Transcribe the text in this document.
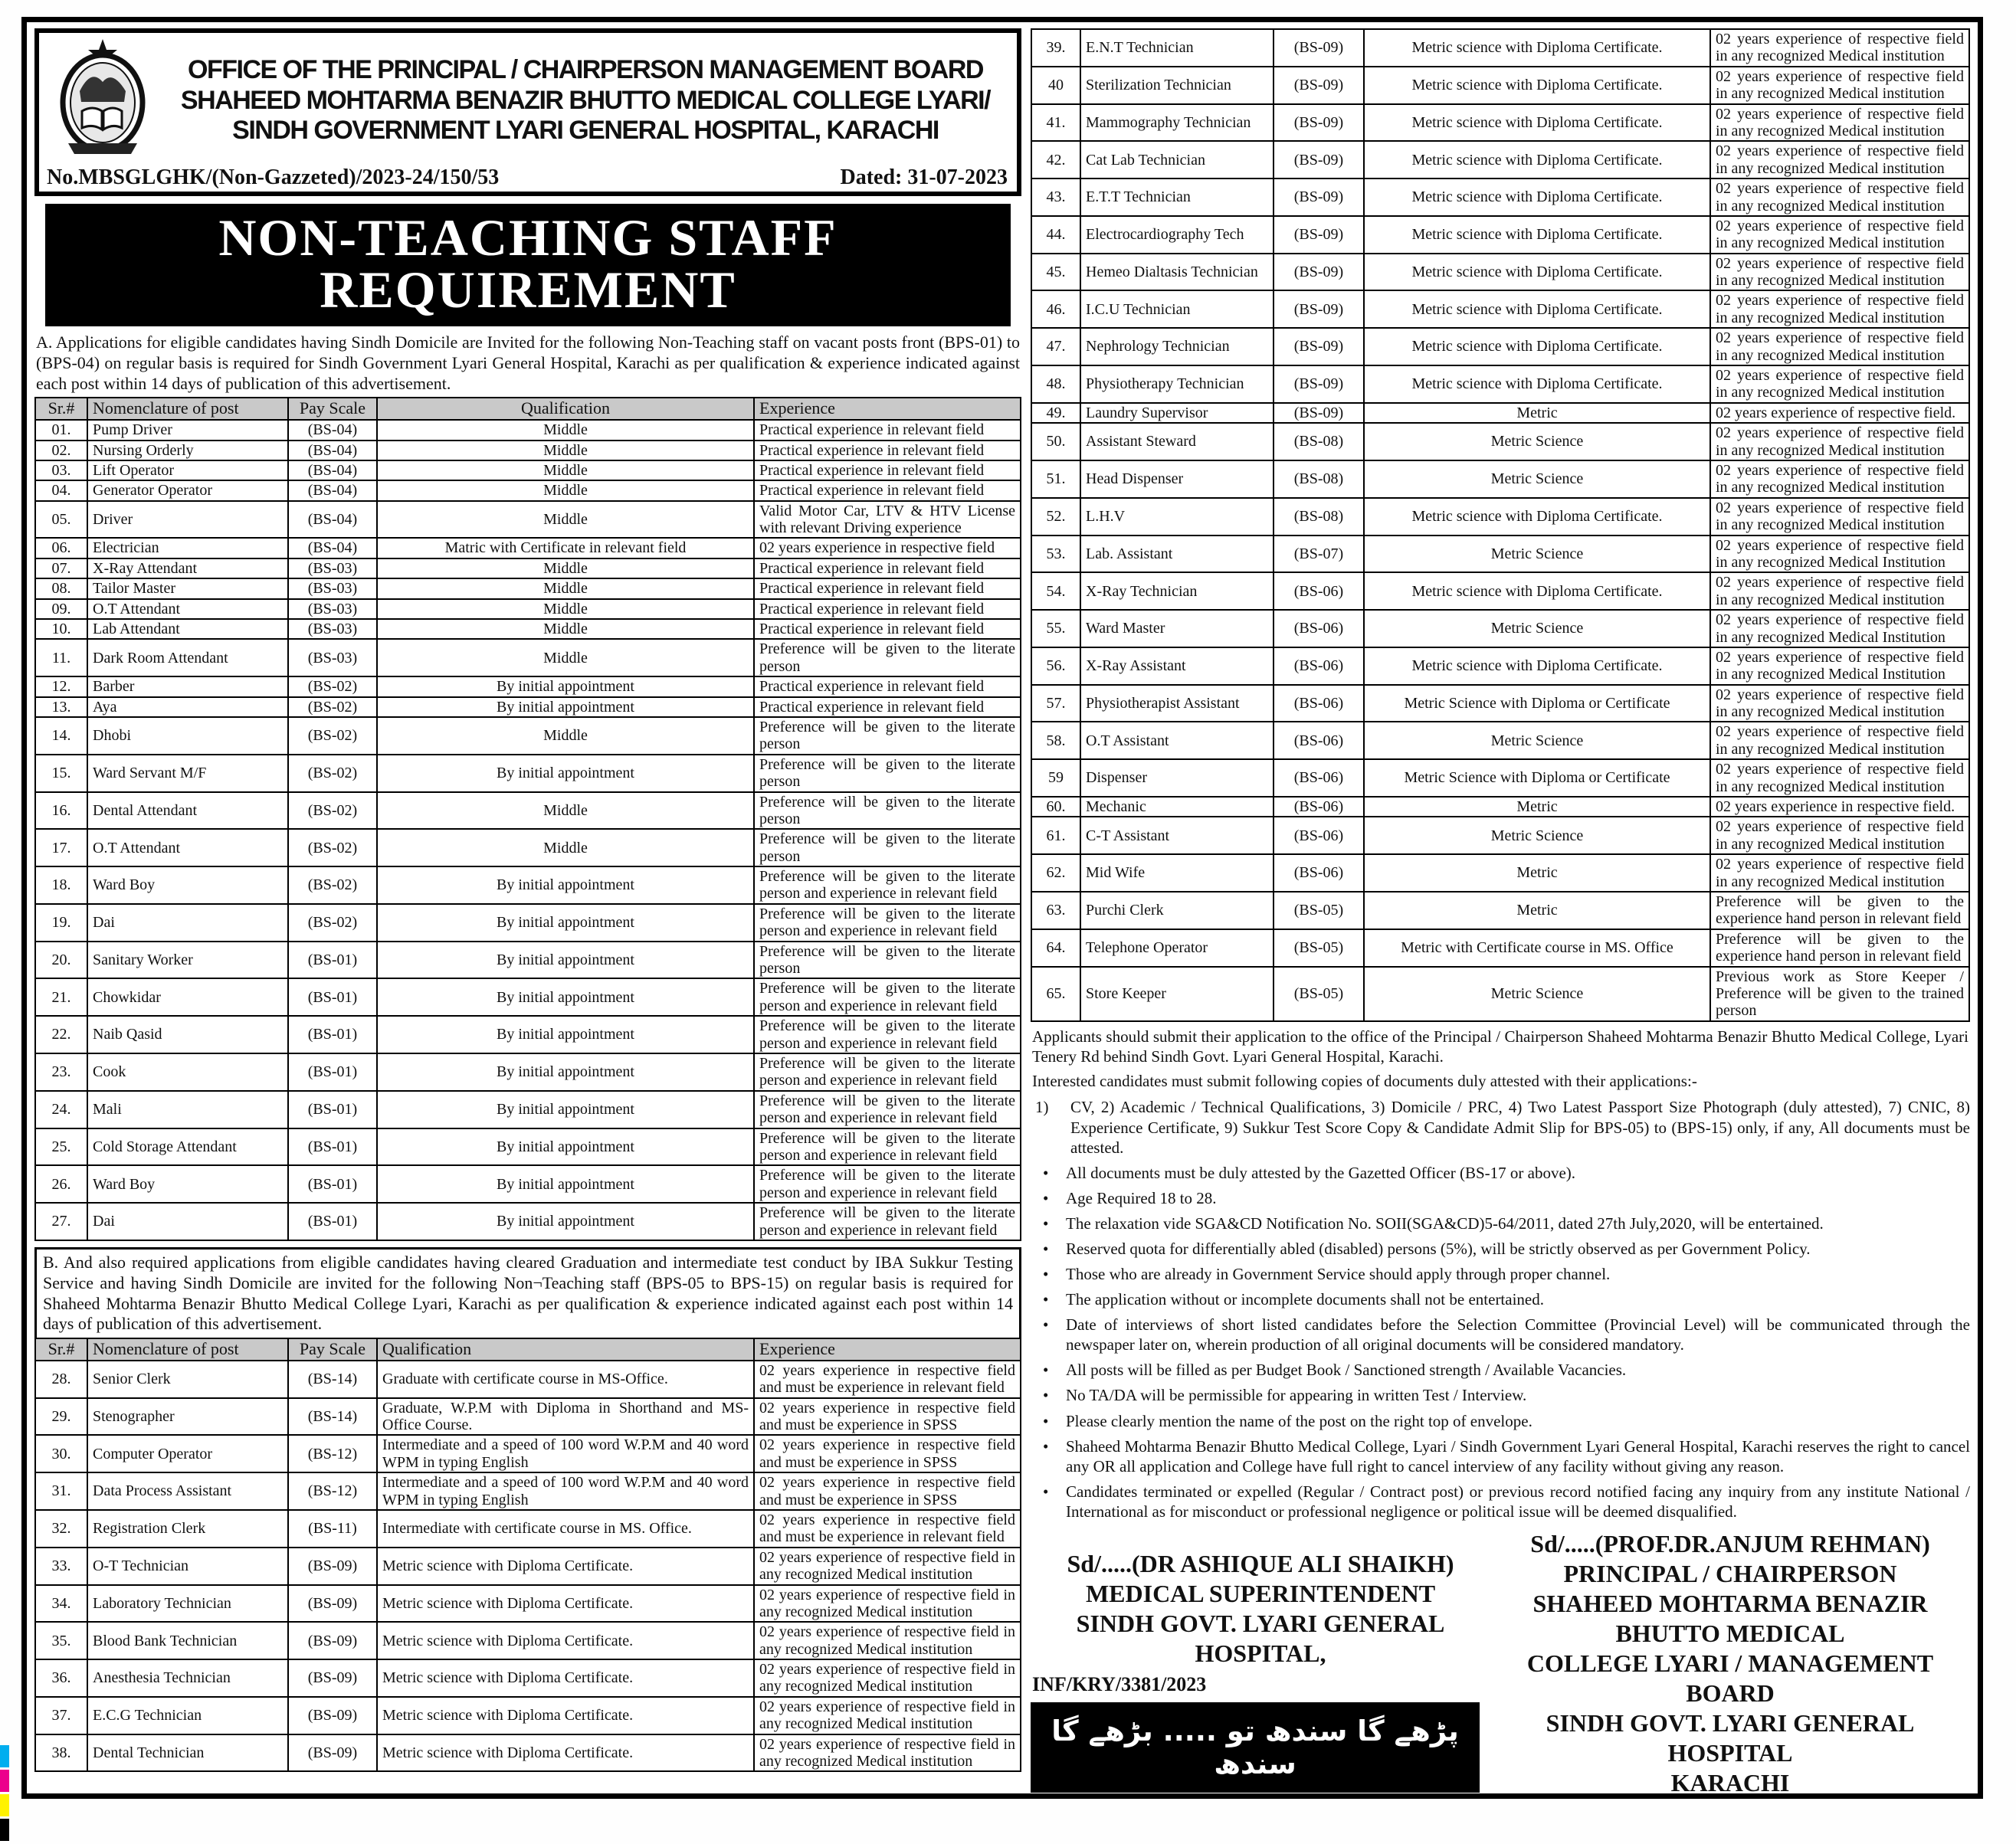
OFFICE OF THE PRINCIPAL / CHAIRPERSON MANAGEMENT BOARD
SHAHEED MOHTARMA BENAZIR BHUTTO MEDICAL COLLEGE LYARI/
SINDH GOVERNMENT LYARI GENERAL HOSPITAL, KARACHI
No.MBSGLGHK/(Non-Gazzeted)/2023-24/150/53	Dated: 31-07-2023
NON-TEACHING STAFF REQUIREMENT
A. Applications for eligible candidates having Sindh Domicile are Invited for the following Non-Teaching staff on vacant posts front (BPS-01) to (BPS-04) on regular basis is required for Sindh Government Lyari General Hospital, Karachi as per qualification & experience indicated against each post within 14 days of publication of this advertisement.
Sr.#	Nomenclature of post	Pay Scale	Qualification	Experience
01.	Pump Driver	(BS-04)	Middle	Practical experience in relevant field
02.	Nursing Orderly	(BS-04)	Middle	Practical experience in relevant field
03.	Lift Operator	(BS-04)	Middle	Practical experience in relevant field
04.	Generator Operator	(BS-04)	Middle	Practical experience in relevant field
05.	Driver	(BS-04)	Middle	Valid Motor Car, LTV & HTV License with relevant Driving experience
06.	Electrician	(BS-04)	Matric with Certificate in relevant field	02 years experience in respective field
07.	X-Ray Attendant	(BS-03)	Middle	Practical experience in relevant field
08.	Tailor Master	(BS-03)	Middle	Practical experience in relevant field
09.	O.T Attendant	(BS-03)	Middle	Practical experience in relevant field
10.	Lab Attendant	(BS-03)	Middle	Practical experience in relevant field
11.	Dark Room Attendant	(BS-03)	Middle	Preference will be given to the literate person
12.	Barber	(BS-02)	By initial appointment	Practical experience in relevant field
13.	Aya	(BS-02)	By initial appointment	Practical experience in relevant field
14.	Dhobi	(BS-02)	Middle	Preference will be given to the literate person
15.	Ward Servant M/F	(BS-02)	By initial appointment	Preference will be given to the literate person
16.	Dental Attendant	(BS-02)	Middle	Preference will be given to the literate person
17.	O.T Attendant	(BS-02)	Middle	Preference will be given to the literate person
18.	Ward Boy	(BS-02)	By initial appointment	Preference will be given to the literate person and experience in relevant field
19.	Dai	(BS-02)	By initial appointment	Preference will be given to the literate person and experience in relevant field
20.	Sanitary Worker	(BS-01)	By initial appointment	Preference will be given to the literate person
21.	Chowkidar	(BS-01)	By initial appointment	Preference will be given to the literate person and experience in relevant field
22.	Naib Qasid	(BS-01)	By initial appointment	Preference will be given to the literate person and experience in relevant field
23.	Cook	(BS-01)	By initial appointment	Preference will be given to the literate person and experience in relevant field
24.	Mali	(BS-01)	By initial appointment	Preference will be given to the literate person and experience in relevant field
25.	Cold Storage Attendant	(BS-01)	By initial appointment	Preference will be given to the literate person and experience in relevant field
26.	Ward Boy	(BS-01)	By initial appointment	Preference will be given to the literate person and experience in relevant field
27.	Dai	(BS-01)	By initial appointment	Preference will be given to the literate person and experience in relevant field
B. And also required applications from eligible candidates having cleared Graduation and intermediate test conduct by IBA Sukkur Testing Service and having Sindh Domicile are invited for the following Non¬Teaching staff (BPS-05 to BPS-15) on regular basis is required for Shaheed Mohtarma Benazir Bhutto Medical College Lyari, Karachi as per qualification & experience indicated against each post within 14 days of publication of this advertisement.
Sr.#	Nomenclature of post	Pay Scale	Qualification	Experience
28.	Senior Clerk	(BS-14)	Graduate with certificate course in MS-Office.	02 years experience in respective field and must be experience in relevant field
29.	Stenographer	(BS-14)	Graduate, W.P.M with Diploma in Shorthand and MS-Office Course.	02 years experience in respective field and must be experience in SPSS
30.	Computer Operator	(BS-12)	Intermediate and a speed of 100 word W.P.M and 40 word WPM in typing English	02 years experience in respective field and must be experience in SPSS
31.	Data Process Assistant	(BS-12)	Intermediate and a speed of 100 word W.P.M and 40 word WPM in typing English	02 years experience in respective field and must be experience in SPSS
32.	Registration Clerk	(BS-11)	Intermediate with certificate course in MS. Office.	02 years experience in respective field and must be experience in relevant field
33.	O-T Technician	(BS-09)	Metric science with Diploma Certificate.	02 years experience of respective field in any recognized Medical institution
34.	Laboratory Technician	(BS-09)	Metric science with Diploma Certificate.	02 years experience of respective field in any recognized Medical institution
35.	Blood Bank Technician	(BS-09)	Metric science with Diploma Certificate.	02 years experience of respective field in any recognized Medical institution
36.	Anesthesia Technician	(BS-09)	Metric science with Diploma Certificate.	02 years experience of respective field in any recognized Medical institution
37.	E.C.G Technician	(BS-09)	Metric science with Diploma Certificate.	02 years experience of respective field in any recognized Medical institution
38.	Dental Technician	(BS-09)	Metric science with Diploma Certificate.	02 years experience of respective field in any recognized Medical institution
39.	E.N.T Technician	(BS-09)	Metric science with Diploma Certificate.	02 years experience of respective field in any recognized Medical institution
40	Sterilization Technician	(BS-09)	Metric science with Diploma Certificate.	02 years experience of respective field in any recognized Medical institution
41.	Mammography Technician	(BS-09)	Metric science with Diploma Certificate.	02 years experience of respective field in any recognized Medical institution
42.	Cat Lab Technician	(BS-09)	Metric science with Diploma Certificate.	02 years experience of respective field in any recognized Medical institution
43.	E.T.T Technician	(BS-09)	Metric science with Diploma Certificate.	02 years experience of respective field in any recognized Medical institution
44.	Electrocardiography Tech	(BS-09)	Metric science with Diploma Certificate.	02 years experience of respective field in any recognized Medical institution
45.	Hemeo Dialtasis Technician	(BS-09)	Metric science with Diploma Certificate.	02 years experience of respective field in any recognized Medical institution
46.	I.C.U Technician	(BS-09)	Metric science with Diploma Certificate.	02 years experience of respective field in any recognized Medical institution
47.	Nephrology Technician	(BS-09)	Metric science with Diploma Certificate.	02 years experience of respective field in any recognized Medical institution
48.	Physiotherapy Technician	(BS-09)	Metric science with Diploma Certificate.	02 years experience of respective field in any recognized Medical institution
49.	Laundry Supervisor	(BS-09)	Metric	02 years experience of respective field.
50.	Assistant Steward	(BS-08)	Metric Science	02 years experience of respective field in any recognized Medical institution
51.	Head Dispenser	(BS-08)	Metric Science	02 years experience of respective field in any recognized Medical institution
52.	L.H.V	(BS-08)	Metric science with Diploma Certificate.	02 years experience of respective field in any recognized Medical institution
53.	Lab. Assistant	(BS-07)	Metric Science	02 years experience of respective field in any recognized Medical Institution
54.	X-Ray Technician	(BS-06)	Metric science with Diploma Certificate.	02 years experience of respective field in any recognized Medical institution
55.	Ward Master	(BS-06)	Metric Science	02 years experience of respective field in any recognized Medical Institution
56.	X-Ray Assistant	(BS-06)	Metric science with Diploma Certificate.	02 years experience of respective field in any recognized Medical Institution
57.	Physiotherapist Assistant	(BS-06)	Metric Science with Diploma or Certificate	02 years experience of respective field in any recognized Medical institution
58.	O.T Assistant	(BS-06)	Metric Science	02 years experience of respective field in any recognized Medical institution
59	Dispenser	(BS-06)	Metric Science with Diploma or Certificate	02 years experience of respective field in any recognized Medical institution
60.	Mechanic	(BS-06)	Metric	02 years experience in respective field.
61.	C-T Assistant	(BS-06)	Metric Science	02 years experience of respective field in any recognized Medical institution
62.	Mid Wife	(BS-06)	Metric	02 years experience of respective field in any recognized Medical institution
63.	Purchi Clerk	(BS-05)	Metric	Preference will be given to the experience hand person in relevant field
64.	Telephone Operator	(BS-05)	Metric with Certificate course in MS. Office	Preference will be given to the experience hand person in relevant field
65.	Store Keeper	(BS-05)	Metric Science	Previous work as Store Keeper / Preference will be given to the trained person
Applicants should submit their application to the office of the Principal / Chairperson Shaheed Mohtarma Benazir Bhutto Medical College, Lyari Tenery Rd behind Sindh Govt. Lyari General Hospital, Karachi.
Interested candidates must submit following copies of documents duly attested with their applications:-
1)	CV, 2) Academic / Technical Qualifications, 3) Domicile / PRC, 4) Two Latest Passport Size Photograph (duly attested), 7) CNIC, 8) Experience Certificate, 9) Sukkur Test Score Copy & Candidate Admit Slip for BPS-05) to (BPS-15) only, if any, All documents must be attested.
• All documents must be duly attested by the Gazetted Officer (BS-17 or above).
• Age Required 18 to 28.
• The relaxation vide SGA&CD Notification No. SOII(SGA&CD)5-64/2011, dated 27th July,2020, will be entertained.
• Reserved quota for differentially abled (disabled) persons (5%), will be strictly observed as per Government Policy.
• Those who are already in Government Service should apply through proper channel.
• The application without or incomplete documents shall not be entertained.
• Date of interviews of short listed candidates before the Selection Committee (Provincial Level) will be communicated through the newspaper later on, wherein production of all original documents will be considered mandatory.
• All posts will be filled as per Budget Book / Sanctioned strength / Available Vacancies.
• No TA/DA will be permissible for appearing in written Test / Interview.
• Please clearly mention the name of the post on the right top of envelope.
• Shaheed Mohtarma Benazir Bhutto Medical College, Lyari / Sindh Government Lyari General Hospital, Karachi reserves the right to cancel any OR all application and College have full right to cancel interview of any facility without giving any reason.
• Candidates terminated or expelled (Regular / Contract post) or previous record notified facing any inquiry from any institute National / International as for misconduct or professional negligence or political issue will be deemed disqualified.
Sd/.....(DR ASHIQUE ALI SHAIKH)
MEDICAL SUPERINTENDENT
SINDH GOVT. LYARI GENERAL
HOSPITAL,
INF/KRY/3381/2023
پڑھے گا سندھ تو ..... بڑھے گا سندھ
Sd/.....(PROF.DR.ANJUM REHMAN)
PRINCIPAL / CHAIRPERSON
SHAHEED MOHTARMA BENAZIR
BHUTTO MEDICAL
COLLEGE LYARI / MANAGEMENT BOARD
SINDH GOVT. LYARI GENERAL HOSPITAL
KARACHI
